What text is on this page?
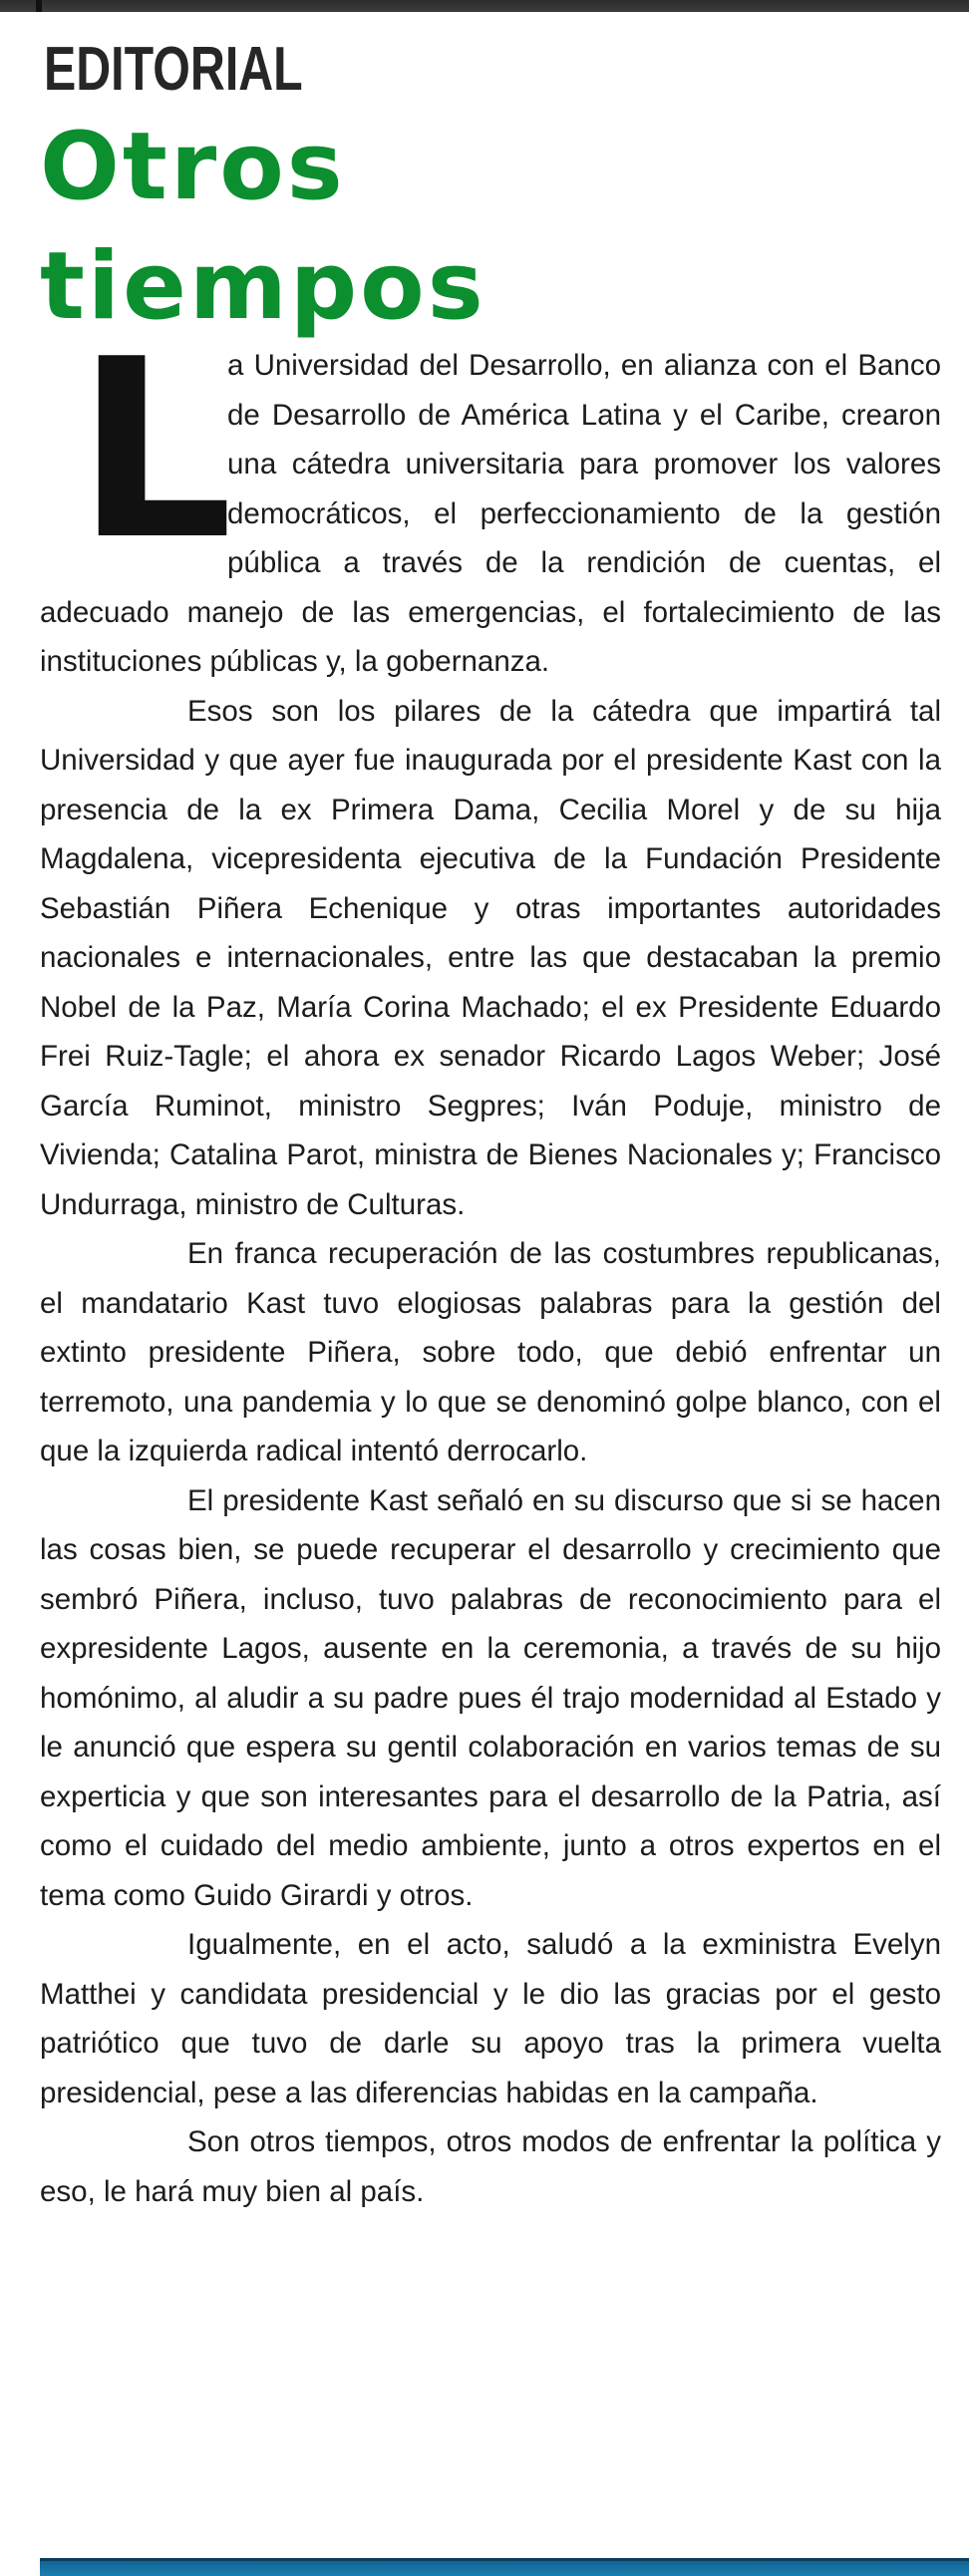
EDITORIAL
Otros
tiempos
L

a Universidad del Desarrollo, en alianza con el Banco de Desarrollo de América Latina y el Caribe, crearon una cátedra universitaria para promover los valores democráticos, el perfeccionamiento de la gestión pública a través de la rendición de cuentas, el adecuado manejo de las emergencias, el fortalecimiento de las instituciones públicas y, la gobernanza.

Esos son los pilares de la cátedra que impartirá tal Universidad y que ayer fue inaugurada por el presidente Kast con la presencia de la ex Primera Dama, Cecilia Morel y de su hija Magdalena, vicepresidenta ejecutiva de la Fundación Presidente Sebastián Piñera Echenique y otras importantes autoridades nacionales e internacionales, entre las que destacaban la premio Nobel de la Paz, María Corina Machado; el ex Presidente Eduardo Frei Ruiz-Tagle; el ahora ex senador Ricardo Lagos Weber; José García Ruminot, ministro Segpres; Iván Poduje, ministro de Vivienda; Catalina Parot, ministra de Bienes Nacionales y; Francisco Undurraga, ministro de Culturas.

En franca recuperación de las costumbres republicanas, el mandatario Kast tuvo elogiosas palabras para la gestión del extinto presidente Piñera, sobre todo, que debió enfrentar un terremoto, una pandemia y lo que se denominó golpe blanco, con el que la izquierda radical intentó derrocarlo.

El presidente Kast señaló en su discurso que si se hacen las cosas bien, se puede recuperar el desarrollo y crecimiento que sembró Piñera, incluso, tuvo palabras de reconocimiento para el expresidente Lagos, ausente en la ceremonia, a través de su hijo homónimo, al aludir a su padre pues él trajo modernidad al Estado y le anunció que espera su gentil colaboración en varios temas de su experticia y que son interesantes para el desarrollo de la Patria, así como el cuidado del medio ambiente, junto a otros expertos en el tema como Guido Girardi y otros.

Igualmente, en el acto, saludó a la exministra Evelyn Matthei y candidata presidencial y le dio las gracias por el gesto patriótico que tuvo de darle su apoyo tras la primera vuelta presidencial, pese a las diferencias habidas en la campaña.

Son otros tiempos, otros modos de enfrentar la política y eso, le hará muy bien al país.
